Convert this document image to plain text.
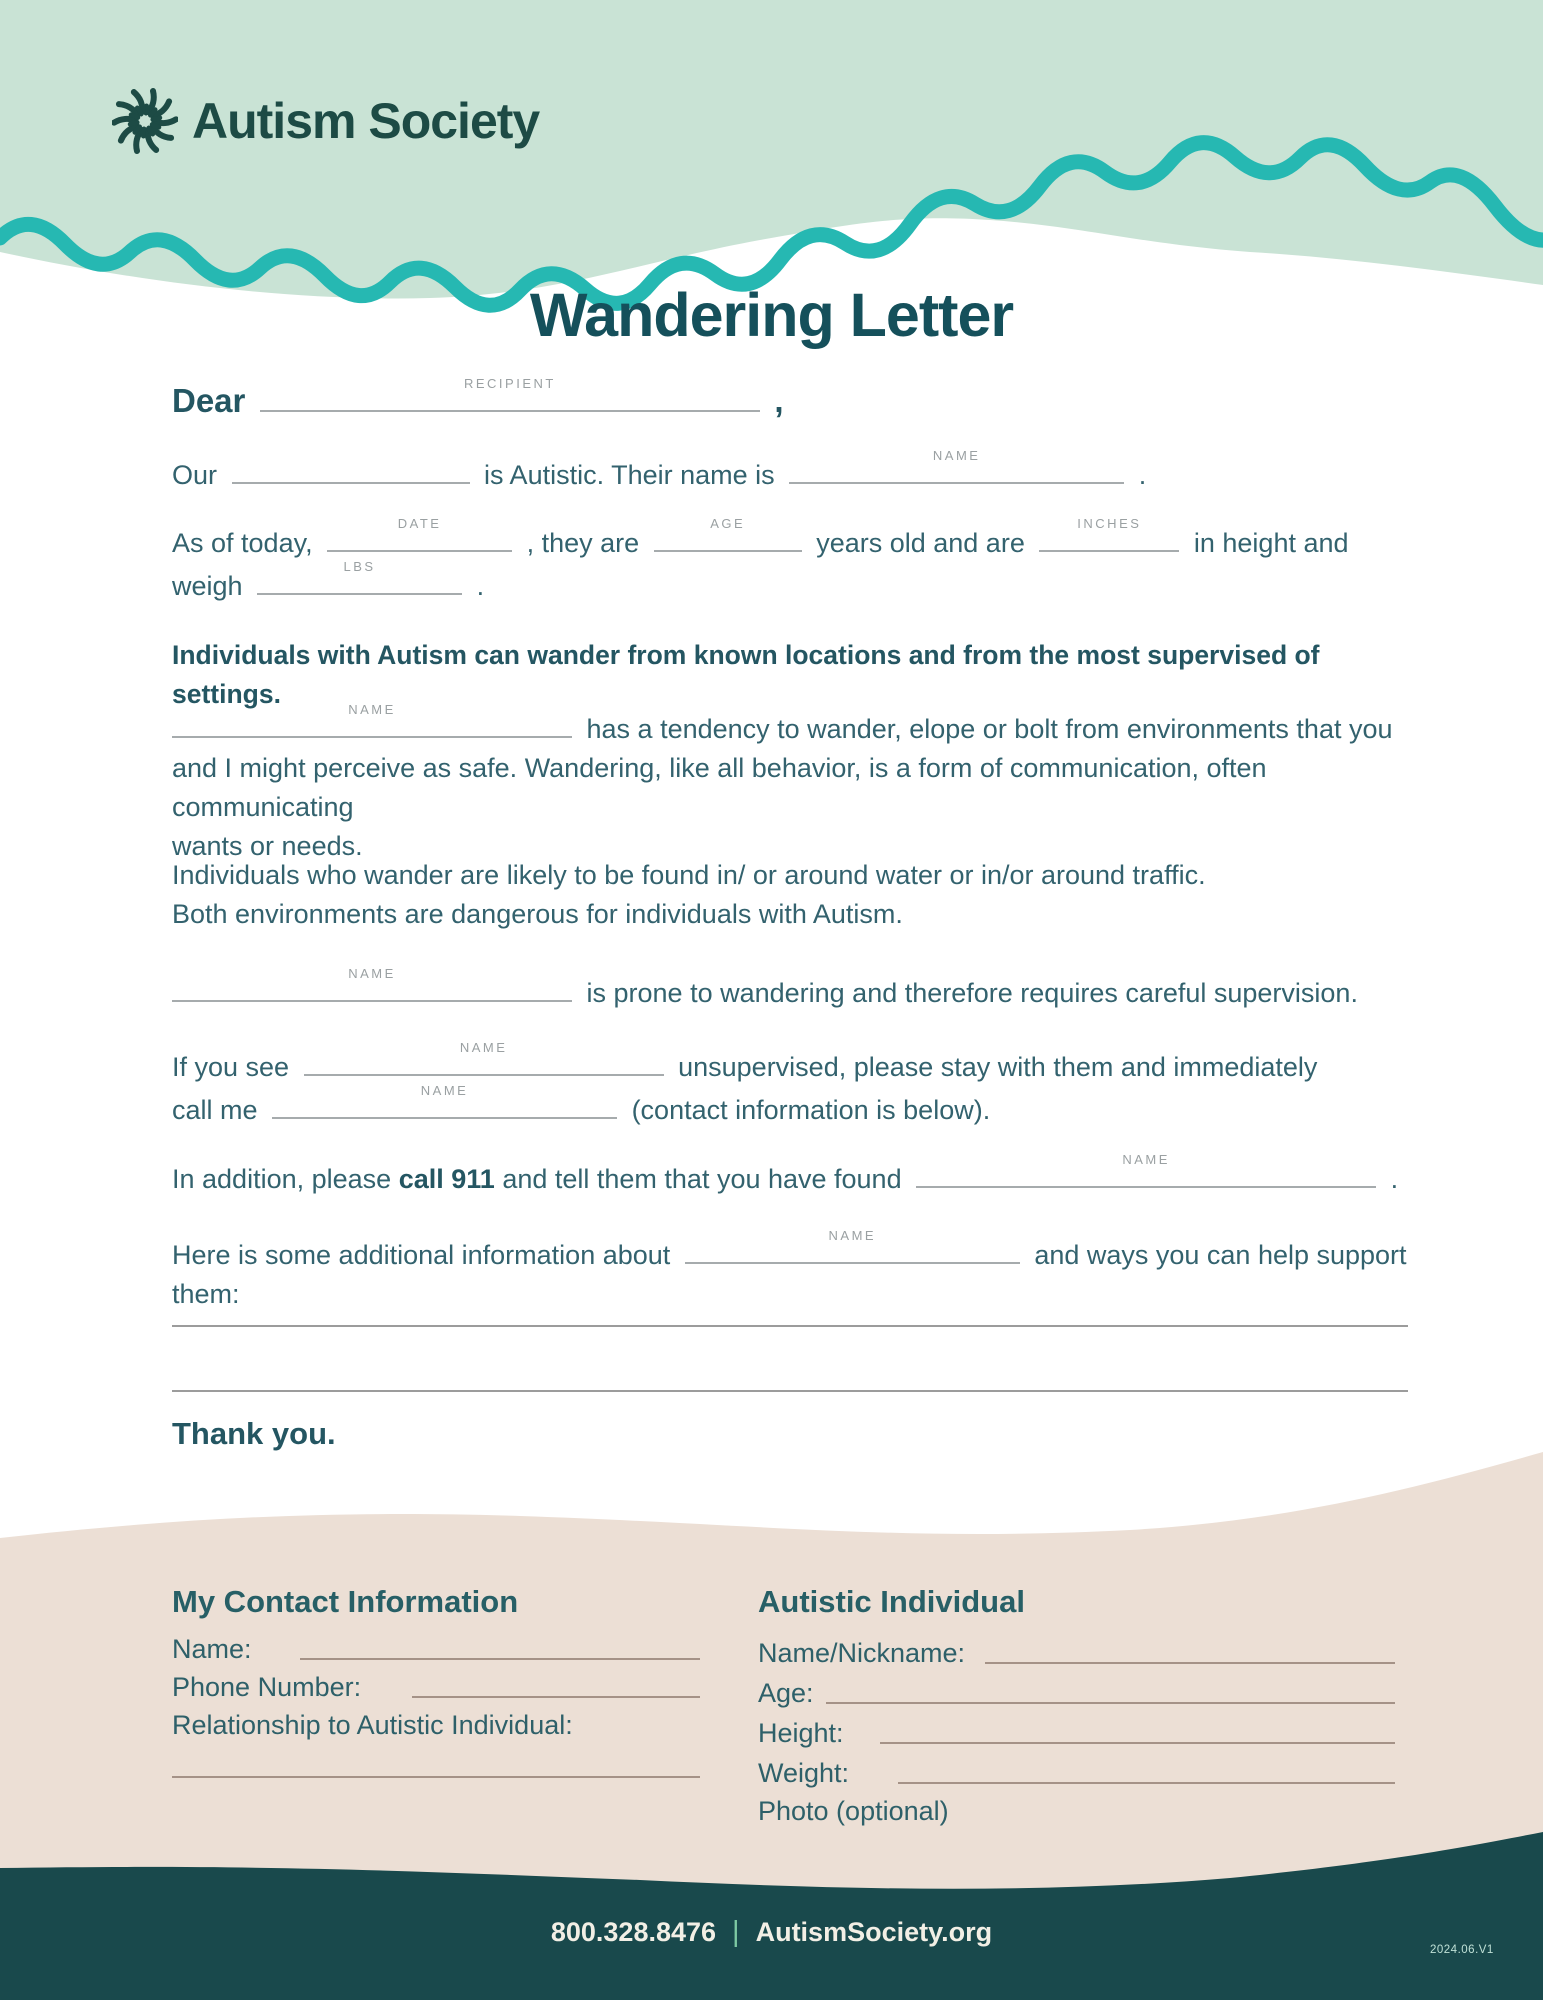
Autism Society
Wandering Letter
Dear	RECIPIENT	,
Our	is Autistic. Their name is
NAME
.
As of today,
DATE
, they are
AGE
years old and are
INCHES
in height and
weigh
LBS
.
Individuals with Autism can wander from known locations and from the most supervised of settings.
NAME
has a tendency to wander, elope or bolt from environments that you
and I might perceive as safe. Wandering, like all behavior, is a form of communication, often communicating
wants or needs.
Individuals who wander are likely to be found in/ or around water or in/or around traffic.
Both environments are dangerous for individuals with Autism.
NAME
is prone to wandering and therefore requires careful supervision.
If you see
NAME
unsupervised, please stay with them and immediately
call me
NAME
(contact information is below).
In addition, please call 911 and tell them that you have found
NAME
.
Here is some additional information about
NAME
and ways you can help support them:
Thank you.
My Contact Information
Name:
Phone Number:
Relationship to Autistic Individual:
Autistic Individual
Name/Nickname:
Age:
Height:
Weight:
Photo (optional)
800.328.8476 | AutismSociety.org
2024.06.V1
